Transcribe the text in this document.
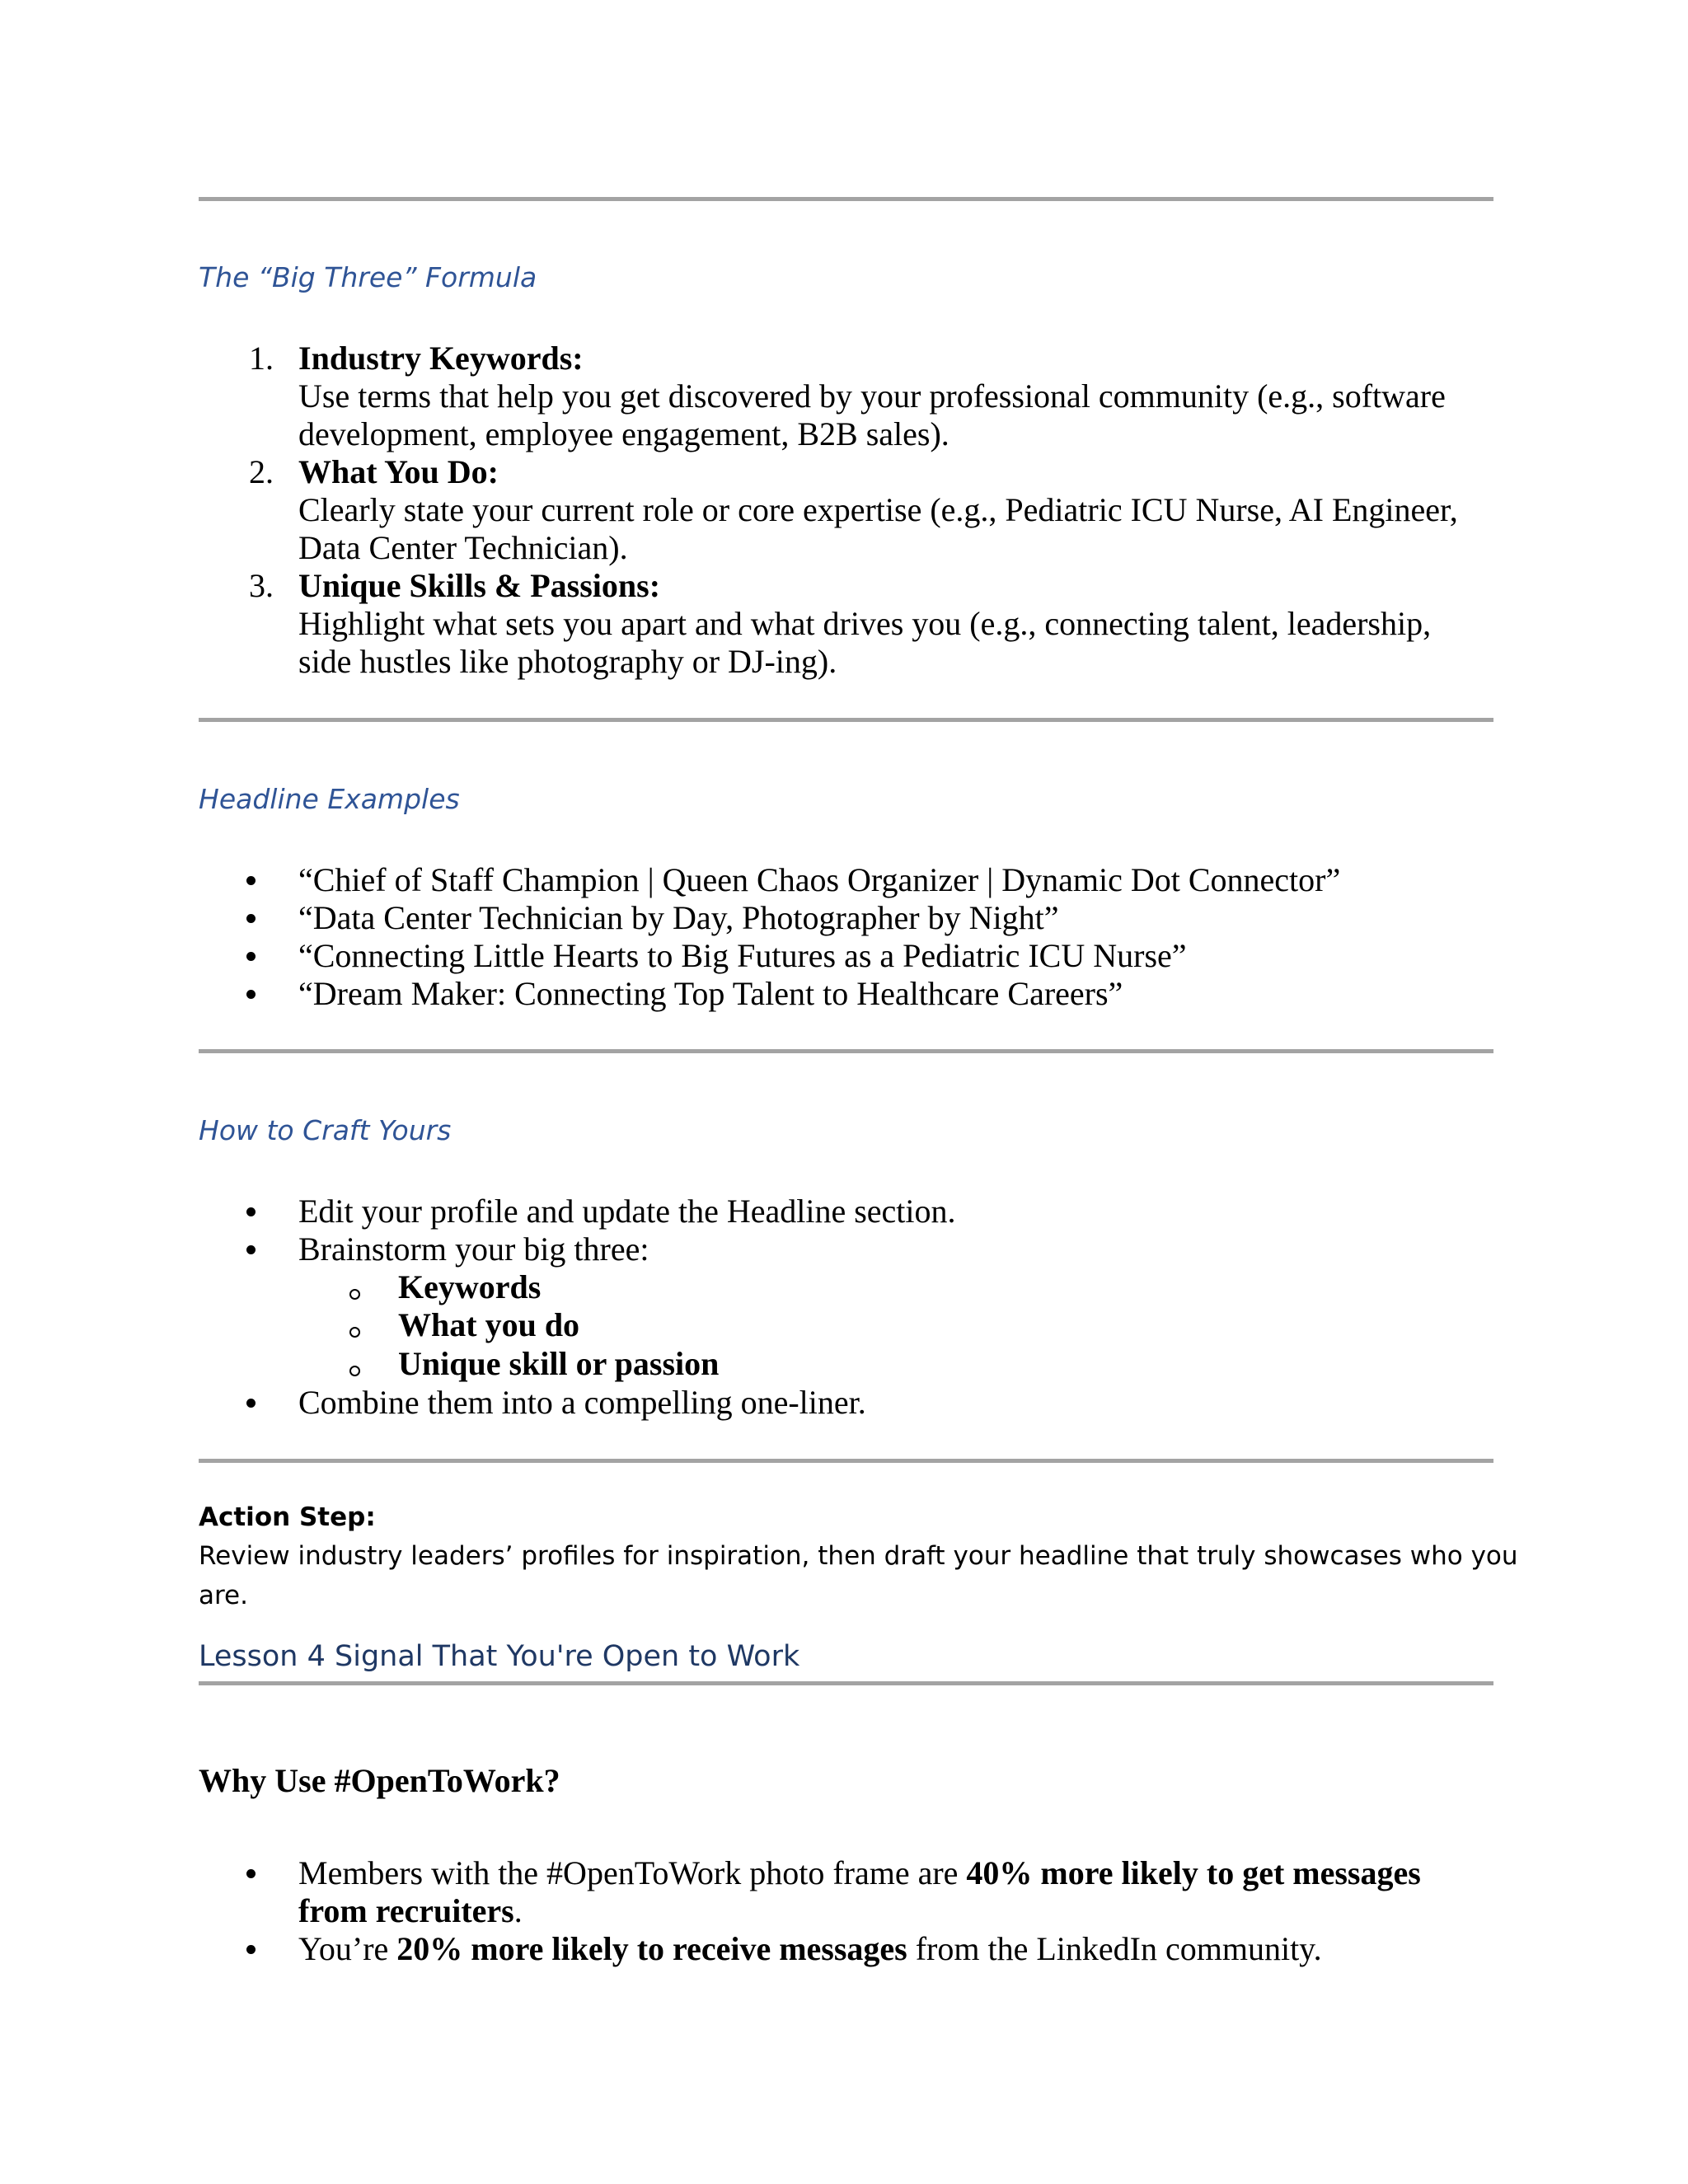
The “Big Three” Formula
1. Industry Keywords:
Use terms that help you get discovered by your professional community (e.g., software
development, employee engagement, B2B sales).
2. What You Do:
Clearly state your current role or core expertise (e.g., Pediatric ICU Nurse, AI Engineer,
Data Center Technician).
3. Unique Skills & Passions:
Highlight what sets you apart and what drives you (e.g., connecting talent, leadership,
side hustles like photography or DJ-ing).
Headline Examples
“Chief of Staff Champion | Queen Chaos Organizer | Dynamic Dot Connector”
“Data Center Technician by Day, Photographer by Night”
“Connecting Little Hearts to Big Futures as a Pediatric ICU Nurse”
“Dream Maker: Connecting Top Talent to Healthcare Careers”
How to Craft Yours
Edit your profile and update the Headline section.
Brainstorm your big three:
Keywords
What you do
Unique skill or passion
Combine them into a compelling one-liner.
Action Step:
Review industry leaders’ profiles for inspiration, then draft your headline that truly showcases who you
are.
Lesson 4 Signal That You're Open to Work
Why Use #OpenToWork?
Members with the #OpenToWork photo frame are 40% more likely to get messages
from recruiters.
You’re 20% more likely to receive messages from the LinkedIn community.
